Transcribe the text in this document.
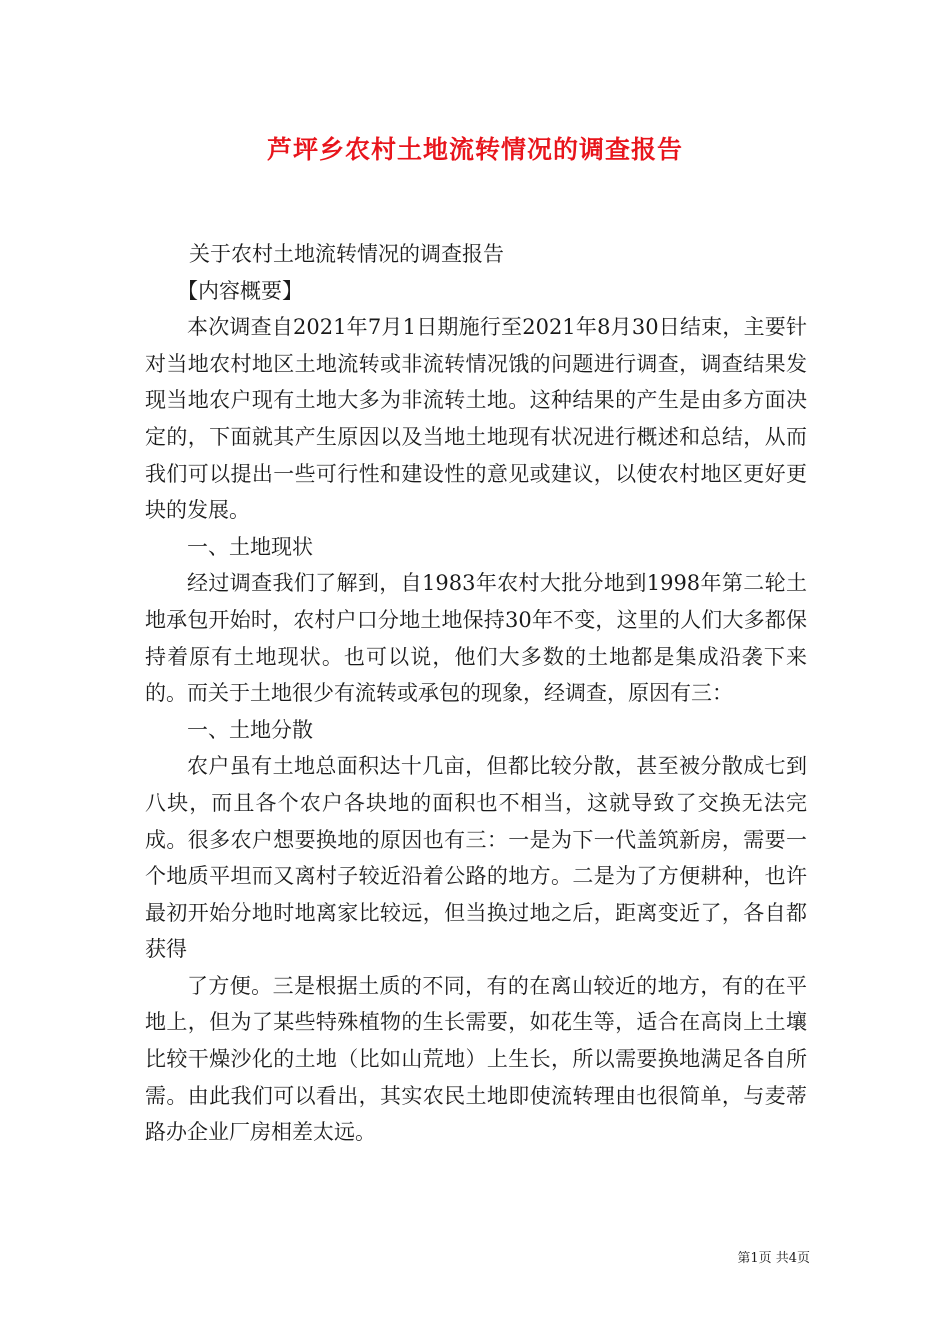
芦坪乡农村土地流转情况的调查报告

关于农村土地流转情况的调查报告

【内容概要】

本次调查自2021年7月1日期施行至2021年8月30日结束，主要针对当地农村地区土地流转或非流转情况饿的问题进行调查，调查结果发现当地农户现有土地大多为非流转土地。这种结果的产生是由多方面决定的，下面就其产生原因以及当地土地现有状况进行概述和总结，从而我们可以提出一些可行性和建设性的意见或建议，以使农村地区更好更块的发展。

一、土地现状

经过调查我们了解到，自1983年农村大批分地到1998年第二轮土地承包开始时，农村户口分地土地保持30年不变，这里的人们大多都保持着原有土地现状。也可以说，他们大多数的土地都是集成沿袭下来的。而关于土地很少有流转或承包的现象，经调查，原因有三：

一、土地分散

农户虽有土地总面积达十几亩，但都比较分散，甚至被分散成七到八块，而且各个农户各块地的面积也不相当，这就导致了交换无法完成。很多农户想要换地的原因也有三：一是为下一代盖筑新房，需要一个地质平坦而又离村子较近沿着公路的地方。二是为了方便耕种，也许最初开始分地时地离家比较远，但当换过地之后，距离变近了，各自都获得

了方便。三是根据土质的不同，有的在离山较近的地方，有的在平地上，但为了某些特殊植物的生长需要，如花生等，适合在高岗上土壤比较干燥沙化的土地（比如山荒地）上生长，所以需要换地满足各自所需。由此我们可以看出，其实农民土地即使流转理由也很简单，与麦蒂路办企业厂房相差太远。

第1页 共4页
